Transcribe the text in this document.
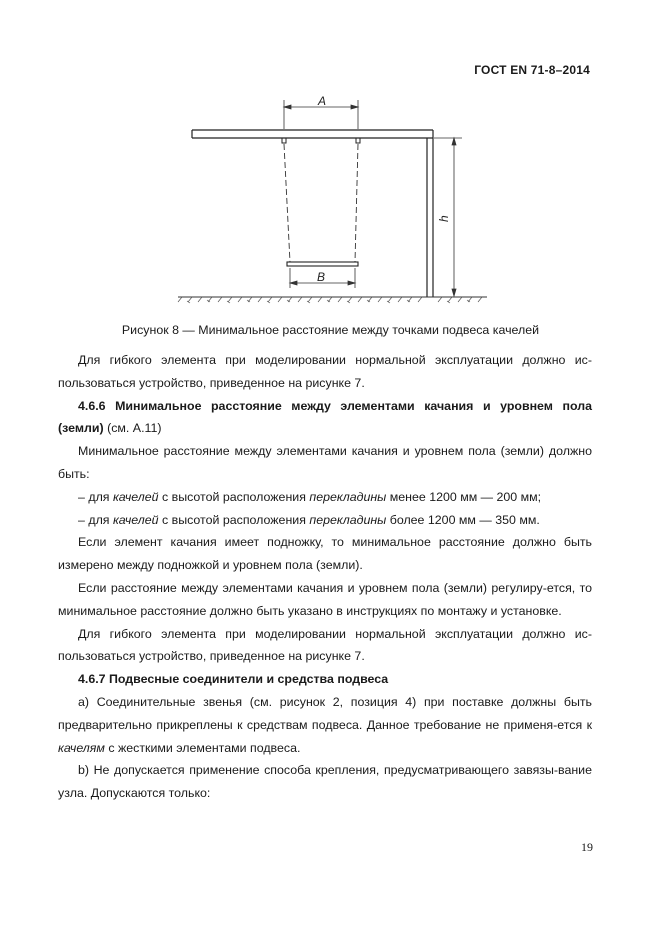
ГОСТ EN 71-8–2014
A
B
h
Рисунок 8 — Минимальное расстояние между точками подвеса качелей

Для гибкого элемента при моделировании нормальной эксплуатации должно ис-пользоваться устройство, приведенное на рисунке 7.

4.6.6 Минимальное расстояние между элементами качания и уровнем пола (земли) (см. А.11)

Минимальное расстояние между элементами качания и уровнем пола (земли) должно быть:

– для качелей с высотой расположения перекладины менее 1200 мм — 200 мм;

– для качелей с высотой расположения перекладины более 1200 мм — 350 мм.

Если элемент качания имеет подножку, то минимальное расстояние должно быть измерено между подножкой и уровнем пола (земли).

Если расстояние между элементами качания и уровнем пола (земли) регулиру-ется, то минимальное расстояние должно быть указано в инструкциях по монтажу и установке.

Для гибкого элемента при моделировании нормальной эксплуатации должно ис-пользоваться устройство, приведенное на рисунке 7.

4.6.7 Подвесные соединители и средства подвеса

а) Соединительные звенья (см. рисунок 2, позиция 4) при поставке должны быть предварительно прикреплены к средствам подвеса. Данное требование не применя-ется к качелям с жесткими элементами подвеса.

b) Не допускается применение способа крепления, предусматривающего завязы-вание узла. Допускаются только:

19
